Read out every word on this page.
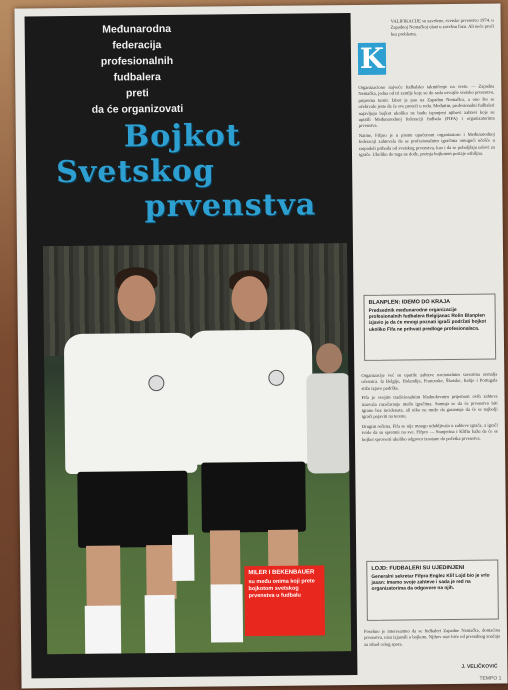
Međunarodna
federacija
profesionalnih
fudbalera
preti
da će organizovati
Bojkot
Svetskog
prvenstva
MILER I BEKENBAUER
su među onima koji prete bojkotom svetskog prvenstva u fudbalu
K
VALIFIKACIJE su završene, svetsko prvenstvo 1974. u Zapadnoj Nemačkoj ulazi u završnu fazu. Ali neće proći bez problema.

Organizaciono najveće fudbalsko takmičenje na svetu — Zapadna Nemačka, jedna od tri zemlje koje su do sada osvojile svetsko prvenstvo, priprema turnir. Izbor je pao na Zapadnu Nemačku, a ono što se očekivalo jeste da će sve proteći u redu. Međutim, profesionalni fudbaleri najavljuju bojkot ukoliko ne budu ispunjeni njihovi zahtevi koje su uputili Međunarodnoj federaciji fudbala (FIFA) i organizatorima prvenstva.

Naime, Fifpro je u pismu upućenom organizatoru i Međunarodnoj federaciji zahtevala da se profesionalnim igračima omogući učešće u raspodeli prihoda od svetskog prvenstva, kao i da se poboljšaju uslovi za igrače. Ukoliko do toga ne dođe, pretnja bojkotom postaje ozbiljna.

BLANPLEN: IDEMO DO KRAJA
Predsednik međunarodne organizacije profesionalnih fudbalera Belgijanac Rolin Blanplen izjavio je da će mnogi poznati igrači podržati bojkot ukoliko Fifa ne prihvati predloge profesionalaca.

Organizacije već su uputile zahteve nacionalnim savezima zemalja učesnica. Iz Belgije, Holandije, Francuske, Škotske, Italije i Portugala stižu izjave podrške.

Fifa je svojim tradicionalnim hladnokrvnim prijemom ovih zahteva izazvala razočaranje među igračima. Sumnja se da će prvenstvo biti igrano bez incidenata, ali niko ne može da garantuje da će se najbolji igrači pojaviti na terenu.

Drugim rečima, Fifa se nije mnogo udubljivala u zahteve igrača, a igrači tvrde da su spremni na sve. Fifpro — Stanjerina i Kliftu kažu da će se bojkot sprovesti ukoliko odgovor izostane do početka prvenstva.

LOJD: FUDBALERI SU UJEDINJENI
Generalni sekretar Fifpra Englez Klif Lojd bio je vrlo jasan: Imamo svoje zahteve i sada je red na organizatorima da odgovore na njih.

Posebno je interesantno da se fudbaleri Zapadne Nemačke, domaćina prvenstva, nisu izjasnili o bojkotu. Njihov stav biće od presudnog značaja za ishod celog spora.

J. VELIČKOVIĆ
TEMPO 1
